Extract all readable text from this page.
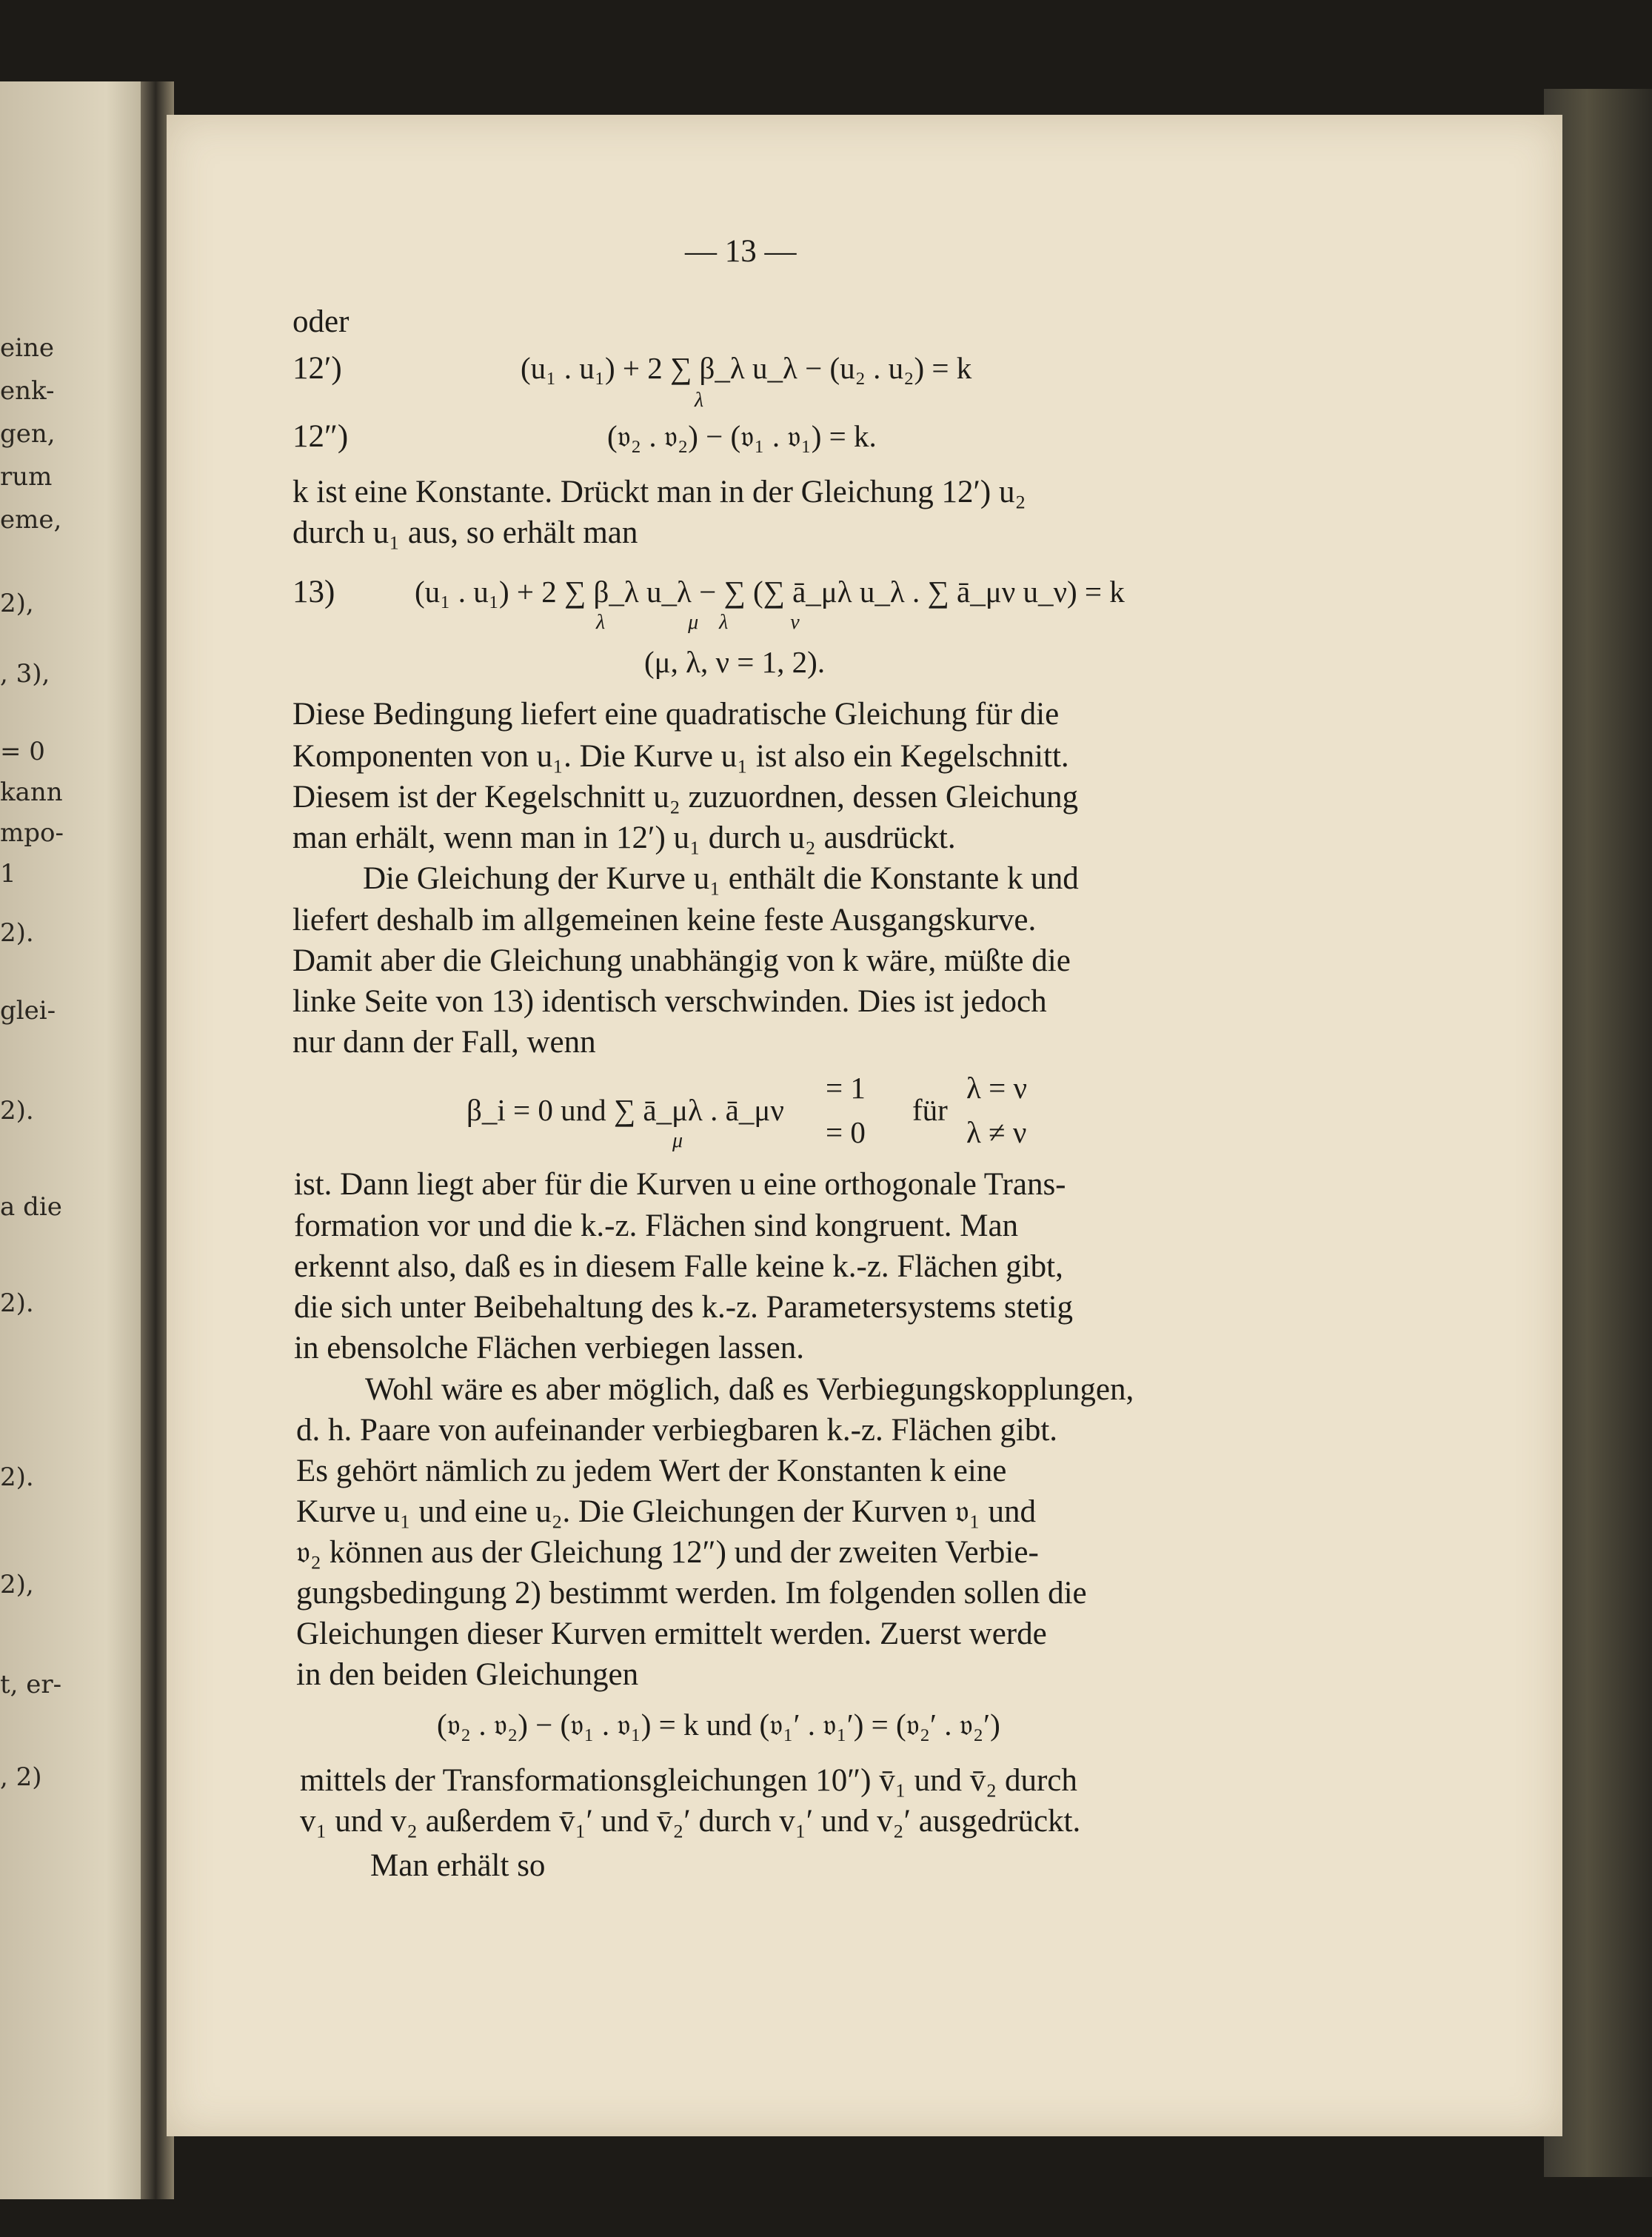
eine
enk-
gen,
rum
eme,
2),
, 3),
= 0
kann
mpo-
1
2).
glei-
2).
a die
2).
2).
2),
t, er-
, 2)
— 13 —
oder
12′)	(u₁ . u₁) + 2 ∑ β_λ u_λ − (u₂ . u₂) = k
λ
12″)	(𝔳₂ . 𝔳₂) − (𝔳₁ . 𝔳₁) = k.
k ist eine Konstante. Drückt man in der Gleichung 12′) u₂
durch u₁ aus, so erhält man
13)	(u₁ . u₁) + 2 ∑ β_λ u_λ − ∑ (∑ ā_μλ u_λ . ∑ ā_μν u_ν) = k
λ                μ    λ            ν
(μ, λ, ν = 1, 2).
Diese Bedingung liefert eine quadratische Gleichung für die
Komponenten von u₁. Die Kurve u₁ ist also ein Kegelschnitt.
Diesem ist der Kegelschnitt u₂ zuzuordnen, dessen Gleichung
man erhält, wenn man in 12′) u₁ durch u₂ ausdrückt.
Die Gleichung der Kurve u₁ enthält die Konstante k und
liefert deshalb im allgemeinen keine feste Ausgangskurve.
Damit aber die Gleichung unabhängig von k wäre, müßte die
linke Seite von 13) identisch verschwinden. Dies ist jedoch
nur dann der Fall, wenn
β_i = 0 und ∑ ā_μλ . ā_μν
μ
= 1
= 0
für
λ = ν
λ ≠ ν
ist. Dann liegt aber für die Kurven u eine orthogonale Trans-
formation vor und die k.-z. Flächen sind kongruent. Man
erkennt also, daß es in diesem Falle keine k.-z. Flächen gibt,
die sich unter Beibehaltung des k.-z. Parametersystems stetig
in ebensolche Flächen verbiegen lassen.
Wohl wäre es aber möglich, daß es Verbiegungskopplungen,
d. h. Paare von aufeinander verbiegbaren k.-z. Flächen gibt.
Es gehört nämlich zu jedem Wert der Konstanten k eine
Kurve u₁ und eine u₂. Die Gleichungen der Kurven 𝔳₁ und
𝔳₂ können aus der Gleichung 12″) und der zweiten Verbie-
gungsbedingung 2) bestimmt werden. Im folgenden sollen die
Gleichungen dieser Kurven ermittelt werden. Zuerst werde
in den beiden Gleichungen
(𝔳₂ . 𝔳₂) − (𝔳₁ . 𝔳₁) = k und (𝔳₁′ . 𝔳₁′) = (𝔳₂′ . 𝔳₂′)
mittels der Transformationsgleichungen 10″) v̄₁ und v̄₂ durch
v₁ und v₂ außerdem v̄₁′ und v̄₂′ durch v₁′ und v₂′ ausgedrückt.
Man erhält so
